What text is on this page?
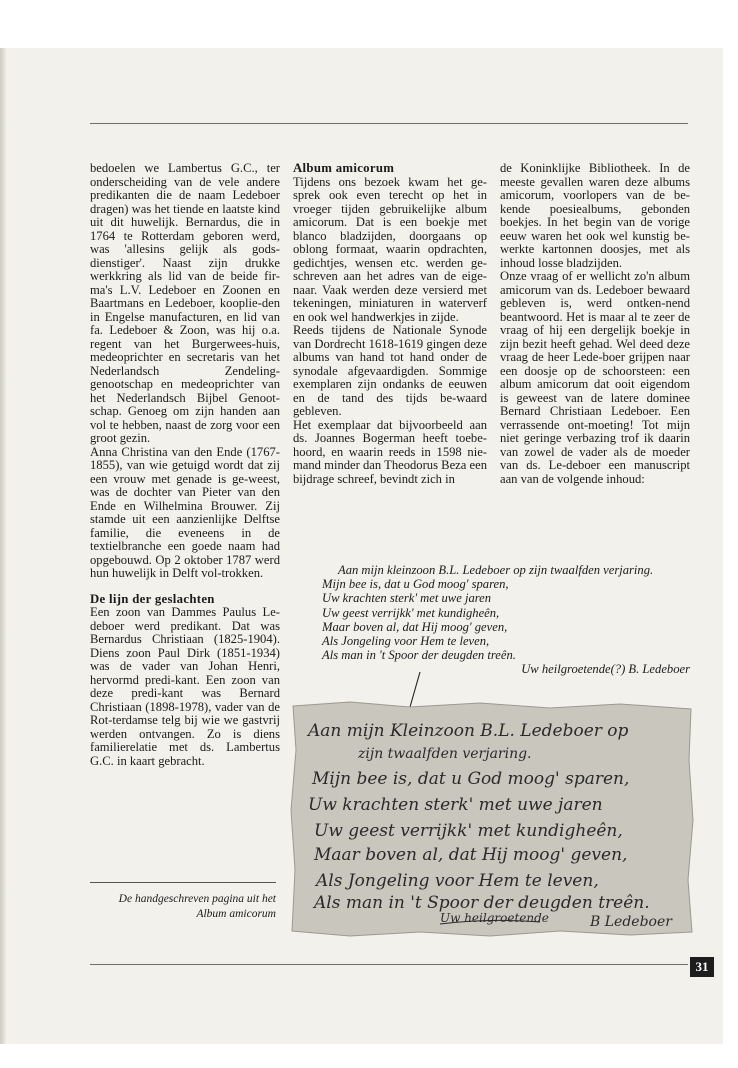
bedoelen we Lambertus G.C., ter onderscheiding van de vele andere predikanten die de naam Ledeboer dragen) was het tiende en laatste kind uit dit huwelijk. Bernardus, die in 1764 te Rotterdam geboren werd, was 'allesins gelijk als gods-dienstiger'. Naast zijn drukke werkkring als lid van de beide fir-ma's L.V. Ledeboer en Zoonen en Baartmans en Ledeboer, kooplie-den in Engelse manufacturen, en lid van fa. Ledeboer & Zoon, was hij o.a. regent van het Burgerwees-huis, medeoprichter en secretaris van het Nederlandsch Zendeling-genootschap en medeoprichter van het Nederlandsch Bijbel Genoot-schap. Genoeg om zijn handen aan vol te hebben, naast de zorg voor een groot gezin.

Anna Christina van den Ende (1767-1855), van wie getuigd wordt dat zij een vrouw met genade is ge-weest, was de dochter van Pieter van den Ende en Wilhelmina Brouwer. Zij stamde uit een aanzienlijke Delftse familie, die eveneens in de textielbranche een goede naam had opgebouwd. Op 2 oktober 1787 werd hun huwelijk in Delft vol-trokken.

De lijn der geslachten

Een zoon van Dammes Paulus Le-deboer werd predikant. Dat was Bernardus Christiaan (1825-1904). Diens zoon Paul Dirk (1851-1934) was de vader van Johan Henri, hervormd predi-kant. Een zoon van deze predi-kant was Bernard Christiaan (1898-1978), vader van de Rot-terdamse telg bij wie we gastvrij werden ontvangen. Zo is diens familierelatie met ds. Lambertus G.C. in kaart gebracht.

Album amicorum

Tijdens ons bezoek kwam het ge-sprek ook even terecht op het in vroeger tijden gebruikelijke album amicorum. Dat is een boekje met blanco bladzijden, doorgaans op oblong formaat, waarin opdrachten, gedichtjes, wensen etc. werden ge-schreven aan het adres van de eige-naar. Vaak werden deze versierd met tekeningen, miniaturen in waterverf en ook wel handwerkjes in zijde.

Reeds tijdens de Nationale Synode van Dordrecht 1618-1619 gingen deze albums van hand tot hand onder de synodale afgevaardigden. Sommige exemplaren zijn ondanks de eeuwen en de tand des tijds be-waard gebleven.

Het exemplaar dat bijvoorbeeld aan ds. Joannes Bogerman heeft toebe-hoord, en waarin reeds in 1598 nie-mand minder dan Theodorus Beza een bijdrage schreef, bevindt zich in

de Koninklijke Bibliotheek. In de meeste gevallen waren deze albums amicorum, voorlopers van de be-kende poesiealbums, gebonden boekjes. In het begin van de vorige eeuw waren het ook wel kunstig be-werkte kartonnen doosjes, met als inhoud losse bladzijden.

Onze vraag of er wellicht zo'n album amicorum van ds. Ledeboer bewaard gebleven is, werd ontken-nend beantwoord. Het is maar al te zeer de vraag of hij een dergelijk boekje in zijn bezit heeft gehad. Wel deed deze vraag de heer Lede-boer grijpen naar een doosje op de schoorsteen: een album amicorum dat ooit eigendom is geweest van de latere dominee Bernard Christiaan Ledeboer. Een verrassende ont-moeting! Tot mijn niet geringe verbazing trof ik daarin van zowel de vader als de moeder van ds. Le-deboer een manuscript aan van de volgende inhoud:

Aan mijn kleinzoon B.L. Ledeboer op zijn twaalfden verjaring.
Mijn bee is, dat u God moog' sparen,
Uw krachten sterk' met uwe jaren
Uw geest verrijkk' met kundigheên,
Maar boven al, dat Hij moog' geven,
Als Jongeling voor Hem te leven,
Als man in 't Spoor der deugden treên.
Uw heilgroetende(?) B. Ledeboer
Aan mijn Kleinzoon B.L. Ledeboer op
zijn twaalfden verjaring.
Mijn bee is, dat u God moog' sparen,
Uw krachten sterk' met uwe jaren
Uw geest verrijkk' met kundigheên,
Maar boven al, dat Hij moog' geven,
Als Jongeling voor Hem te leven,
Als man in 't Spoor der deugden treên.
Uw heilgroetende	B Ledeboer
De handgeschreven pagina uit het Album amicorum
31
